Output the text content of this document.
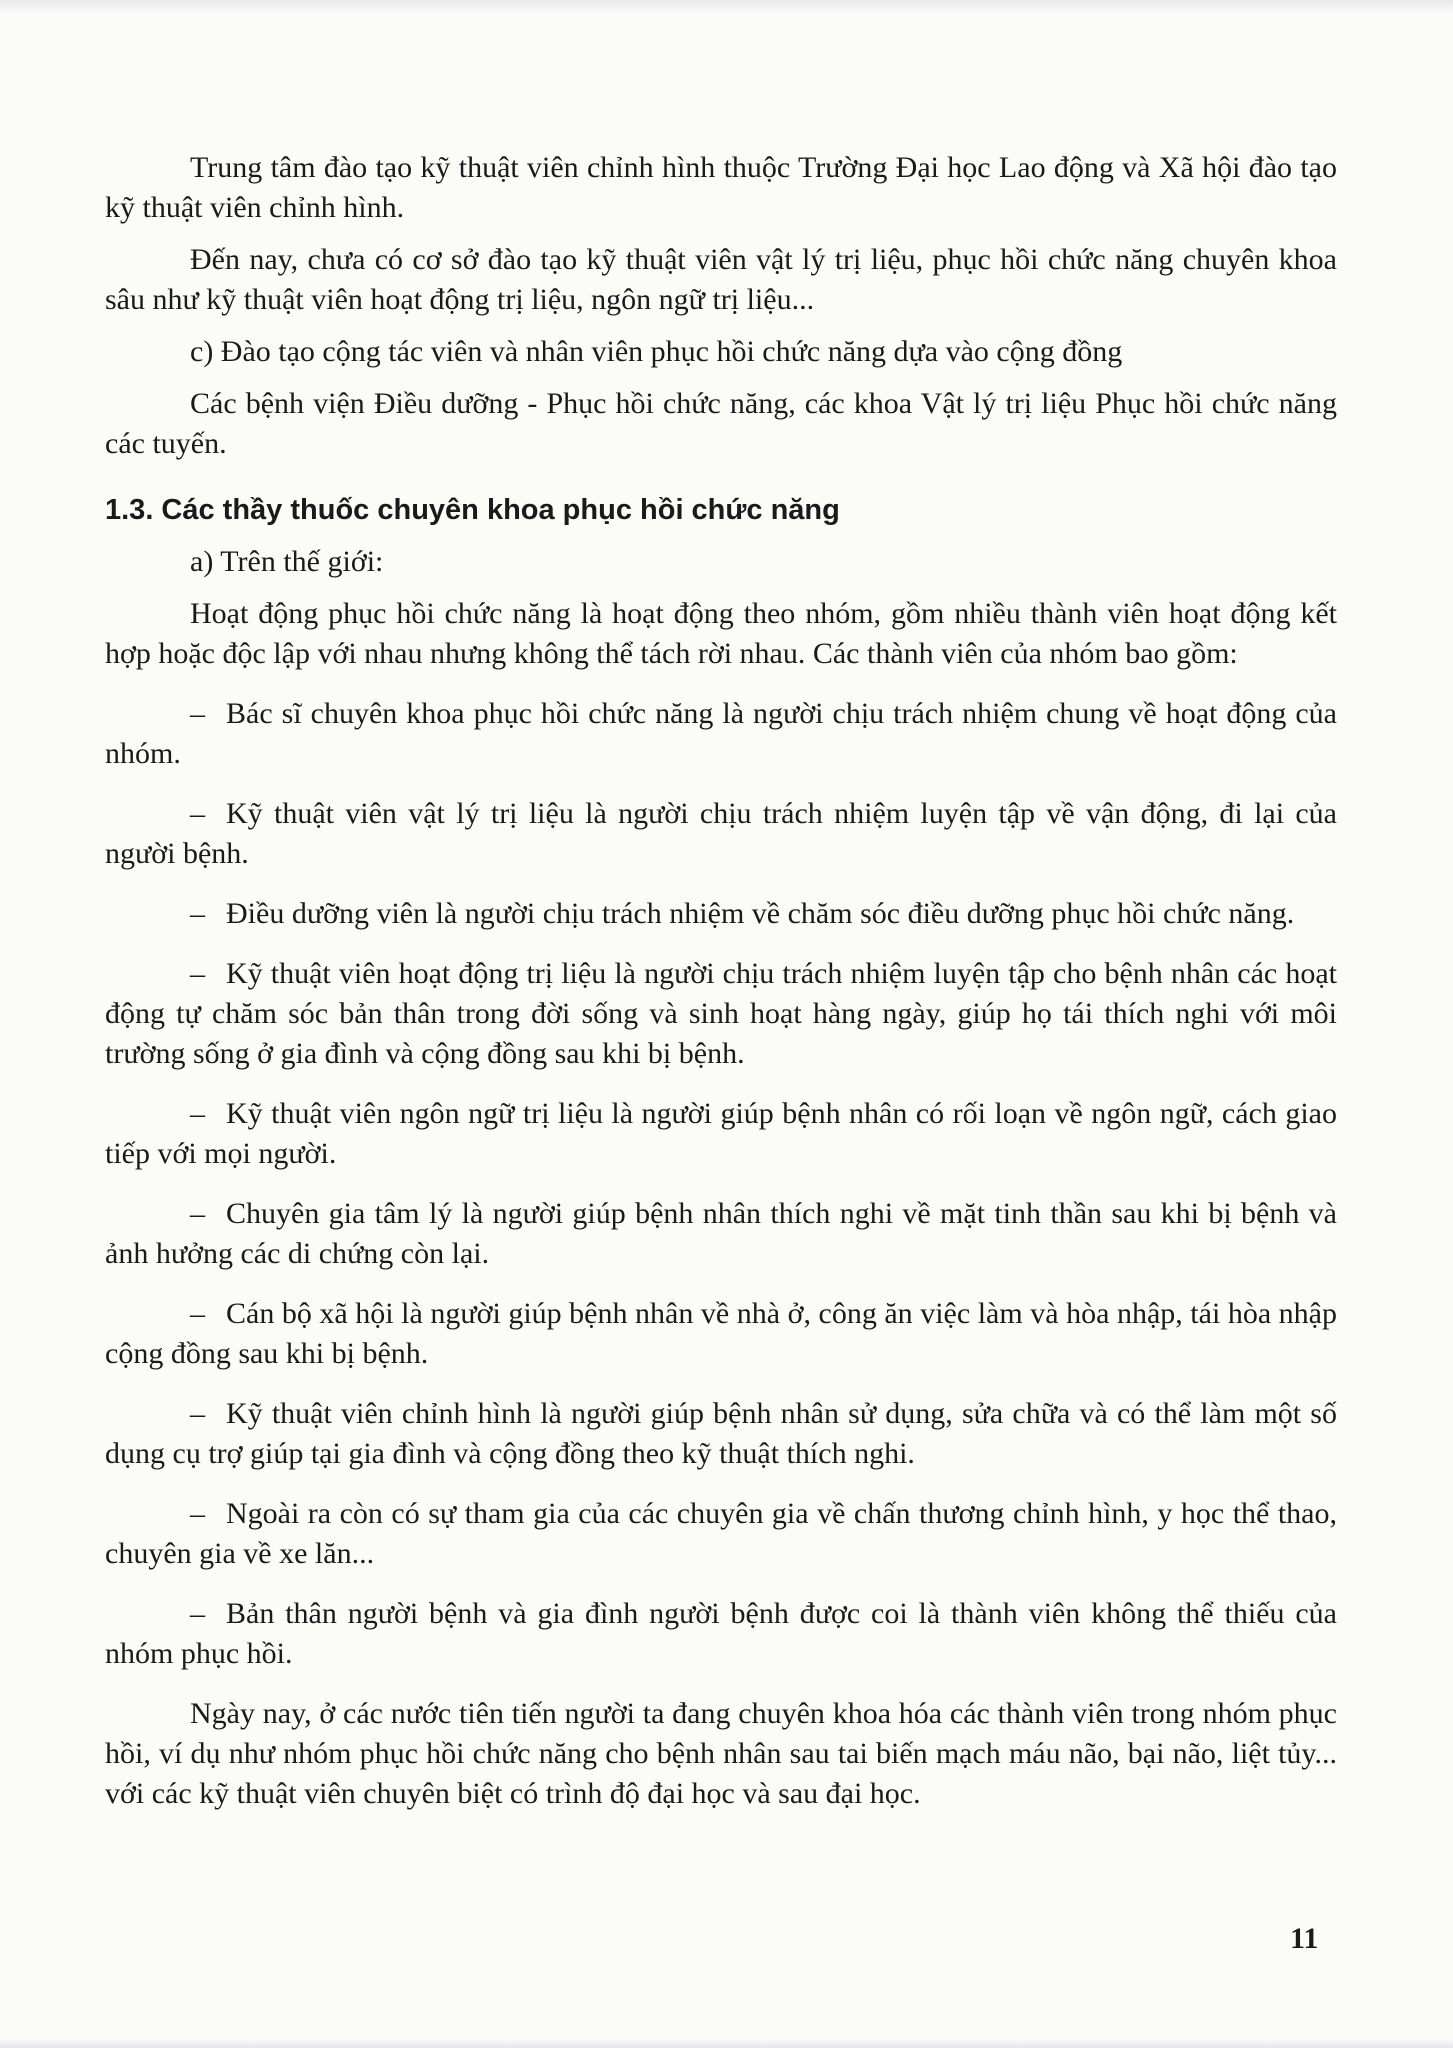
Trung tâm đào tạo kỹ thuật viên chỉnh hình thuộc Trường Đại học Lao động và Xã hội đào tạo kỹ thuật viên chỉnh hình.

Đến nay, chưa có cơ sở đào tạo kỹ thuật viên vật lý trị liệu, phục hồi chức năng chuyên khoa sâu như kỹ thuật viên hoạt động trị liệu, ngôn ngữ trị liệu...

c) Đào tạo cộng tác viên và nhân viên phục hồi chức năng dựa vào cộng đồng

Các bệnh viện Điều dưỡng - Phục hồi chức năng, các khoa Vật lý trị liệu Phục hồi chức năng các tuyến.

1.3. Các thầy thuốc chuyên khoa phục hồi chức năng

a) Trên thế giới:

Hoạt động phục hồi chức năng là hoạt động theo nhóm, gồm nhiều thành viên hoạt động kết hợp hoặc độc lập với nhau nhưng không thể tách rời nhau. Các thành viên của nhóm bao gồm:

– Bác sĩ chuyên khoa phục hồi chức năng là người chịu trách nhiệm chung về hoạt động của nhóm.

– Kỹ thuật viên vật lý trị liệu là người chịu trách nhiệm luyện tập về vận động, đi lại của người bệnh.

– Điều dưỡng viên là người chịu trách nhiệm về chăm sóc điều dưỡng phục hồi chức năng.

– Kỹ thuật viên hoạt động trị liệu là người chịu trách nhiệm luyện tập cho bệnh nhân các hoạt động tự chăm sóc bản thân trong đời sống và sinh hoạt hàng ngày, giúp họ tái thích nghi với môi trường sống ở gia đình và cộng đồng sau khi bị bệnh.

– Kỹ thuật viên ngôn ngữ trị liệu là người giúp bệnh nhân có rối loạn về ngôn ngữ, cách giao tiếp với mọi người.

– Chuyên gia tâm lý là người giúp bệnh nhân thích nghi về mặt tinh thần sau khi bị bệnh và ảnh hưởng các di chứng còn lại.

– Cán bộ xã hội là người giúp bệnh nhân về nhà ở, công ăn việc làm và hòa nhập, tái hòa nhập cộng đồng sau khi bị bệnh.

– Kỹ thuật viên chỉnh hình là người giúp bệnh nhân sử dụng, sửa chữa và có thể làm một số dụng cụ trợ giúp tại gia đình và cộng đồng theo kỹ thuật thích nghi.

– Ngoài ra còn có sự tham gia của các chuyên gia về chấn thương chỉnh hình, y học thể thao, chuyên gia về xe lăn...

– Bản thân người bệnh và gia đình người bệnh được coi là thành viên không thể thiếu của nhóm phục hồi.

Ngày nay, ở các nước tiên tiến người ta đang chuyên khoa hóa các thành viên trong nhóm phục hồi, ví dụ như nhóm phục hồi chức năng cho bệnh nhân sau tai biến mạch máu não, bại não, liệt tủy... với các kỹ thuật viên chuyên biệt có trình độ đại học và sau đại học.

11
